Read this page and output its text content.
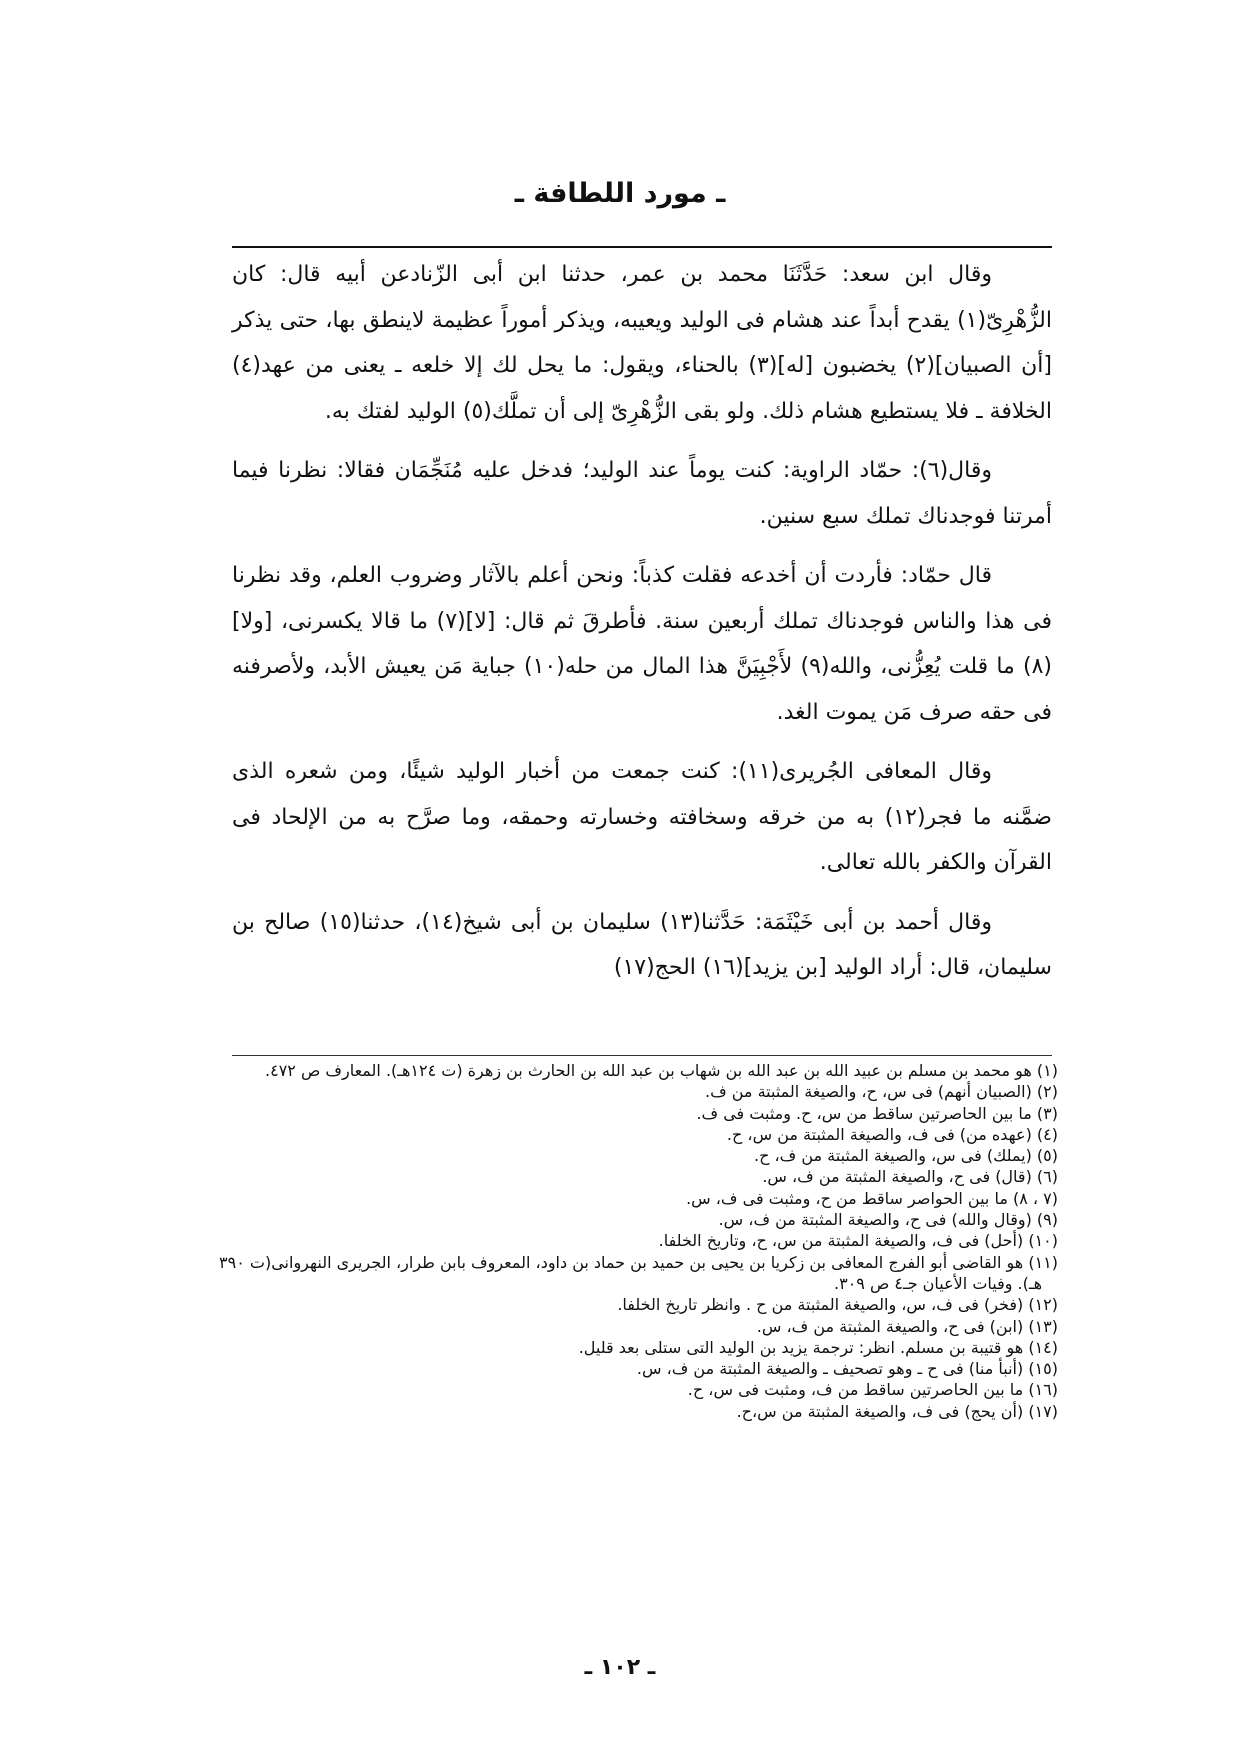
ـ مورد اللطافة ـ

وقال ابن سعد: حَدَّثَنَا محمد بن عمر، حدثنا ابن أبى الزّنادعن أبيه قال: كان الزُّهْرِىّ(١) يقدح أبداً عند هشام فى الوليد ويعيبه، ويذكر أموراً عظيمة لاينطق بها، حتى يذكر [أن الصبيان](٢) يخضبون [له](٣) بالحناء، ويقول: ما يحل لك إلا خلعه ـ يعنى من عهد(٤) الخلافة ـ فلا يستطيع هشام ذلك. ولو بقى الزُّهْرِىّ إلى أن تملَّك(٥) الوليد لفتك به.

وقال(٦): حمّاد الراوية: كنت يوماً عند الوليد؛ فدخل عليه مُنَجِّمَان فقالا: نظرنا فيما أمرتنا فوجدناك تملك سبع سنين.

قال حمّاد: فأردت أن أخدعه فقلت كذباً: ونحن أعلم بالآثار وضروب العلم، وقد نظرنا فى هذا والناس فوجدناك تملك أربعين سنة. فأطرقَ ثم قال: [لا](٧) ما قالا يكسرنى، [ولا](٨) ما قلت يُعِزُّنى، والله(٩) لأَجْبِيَنَّ هذا المال من حله(١٠) جباية مَن يعيش الأبد، ولأصرفنه فى حقه صرف مَن يموت الغد.

وقال المعافى الجُريرى(١١): كنت جمعت من أخبار الوليد شيئًا، ومن شعره الذى ضمَّنه ما فجر(١٢) به من خرقه وسخافته وخسارته وحمقه، وما صرَّح به من الإلحاد فى القرآن والكفر بالله تعالى.

وقال أحمد بن أبى خَيْثَمَة: حَدَّثنا(١٣) سليمان بن أبى شيخ(١٤)، حدثنا(١٥) صالح بن سليمان، قال: أراد الوليد [بن يزيد](١٦) الحج(١٧)

(١) هو محمد بن مسلم بن عبيد الله بن عبد الله بن شهاب بن عبد الله بن الحارث بن زهرة (ت ١٢٤هـ). المعارف ص ٤٧٢.

(٢) (الصبيان أنهم) فى س، ح، والصيغة المثبتة من ف.

(٣) ما بين الحاصرتين ساقط من س، ح. ومثبت فى ف.

(٤) (عهده من) فى ف، والصيغة المثبتة من س، ح.

(٥) (يملك) فى س، والصيغة المثبتة من ف، ح.

(٦) (قال) فى ح، والصيغة المثبتة من ف، س.

(٧ ، ٨) ما بين الحواصر ساقط من ح، ومثبت فى ف، س.

(٩) (وقال والله) فى ح، والصيغة المثبتة من ف، س.

(١٠) (أحل) فى ف، والصيغة المثبتة من س، ح، وتاريخ الخلفا.

(١١) هو القاضى أبو الفرج المعافى بن زكريا بن يحيى بن حميد بن حماد بن داود، المعروف بابن طرار، الجريرى النهروانى(ت ٣٩٠ هـ). وفيات الأعيان جـ٤ ص ٣٠٩.

(١٢) (فخر) فى ف، س، والصيغة المثبتة من ح . وانظر تاريخ الخلفا.

(١٣) (ابن) فى ح، والصيغة المثبتة من ف، س.

(١٤) هو قتيبة بن مسلم. انظر: ترجمة يزيد بن الوليد التى ستلى بعد قليل.

(١٥) (أنبأ منا) فى ح ـ وهو تصحيف ـ والصيغة المثبتة من ف، س.

(١٦) ما بين الحاصرتين ساقط من ف، ومثبت فى س، ح.

(١٧) (أن يحج) فى ف، والصيغة المثبتة من س،ح.

ـ ١٠٢ ـ
